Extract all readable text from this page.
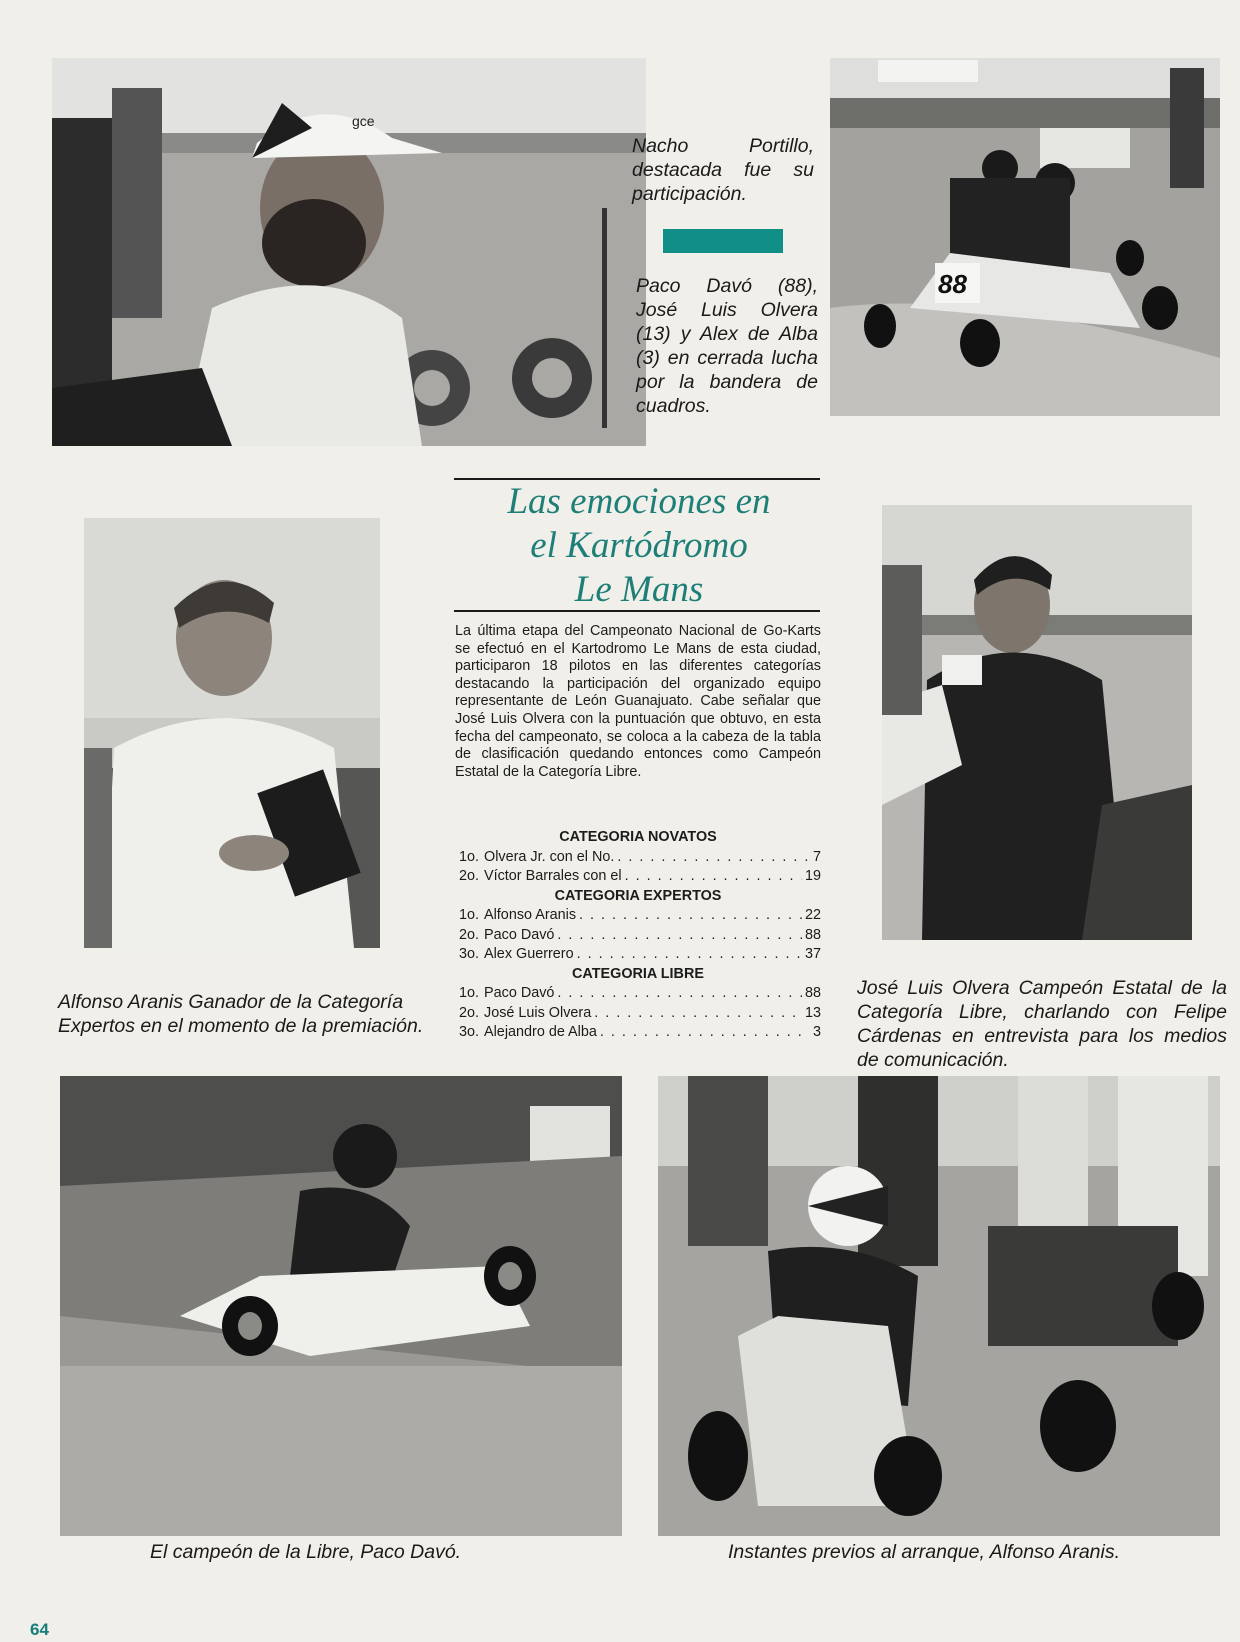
gce
Nacho Portillo, destacada fue su participación.
Paco Davó (88), José Luis Olvera (13) y Alex de Alba (3) en cerrada lucha por la bandera de cuadros.
88
Las emociones en
el Kartódromo
Le Mans
La última etapa del Campeonato Nacional de Go-Karts se efectuó en el Kartodromo Le Mans de esta ciudad, participaron 18 pilotos en las diferentes categorías destacando la participación del organizado equipo representante de León Guanajuato. Cabe señalar que José Luis Olvera con la puntuación que obtuvo, en esta fecha del campeonato, se coloca a la cabeza de la tabla de clasificación quedando entonces como Campeón Estatal de la Categoría Libre.
CATEGORIA NOVATOS
1o. Olvera Jr. con el No. . . .	7
2o. Víctor Barrales con el . . .	19
CATEGORIA EXPERTOS
1o. Alfonso Aranis . . .	22
2o. Paco Davó . . .	88
3o. Alex Guerrero . . .	37
CATEGORIA LIBRE
1o. Paco Davó . . .	88
2o. José Luis Olvera . . .	13
3o. Alejandro de Alba . . .	3
Alfonso Aranis Ganador de la Categoría Expertos en el momento de la premiación.
José Luis Olvera Campeón Estatal de la Categoría Libre, charlando con Felipe Cárdenas en entrevista para los medios de comunicación.
El campeón de la Libre, Paco Davó.	Instantes previos al arranque, Alfonso Aranis.
64
